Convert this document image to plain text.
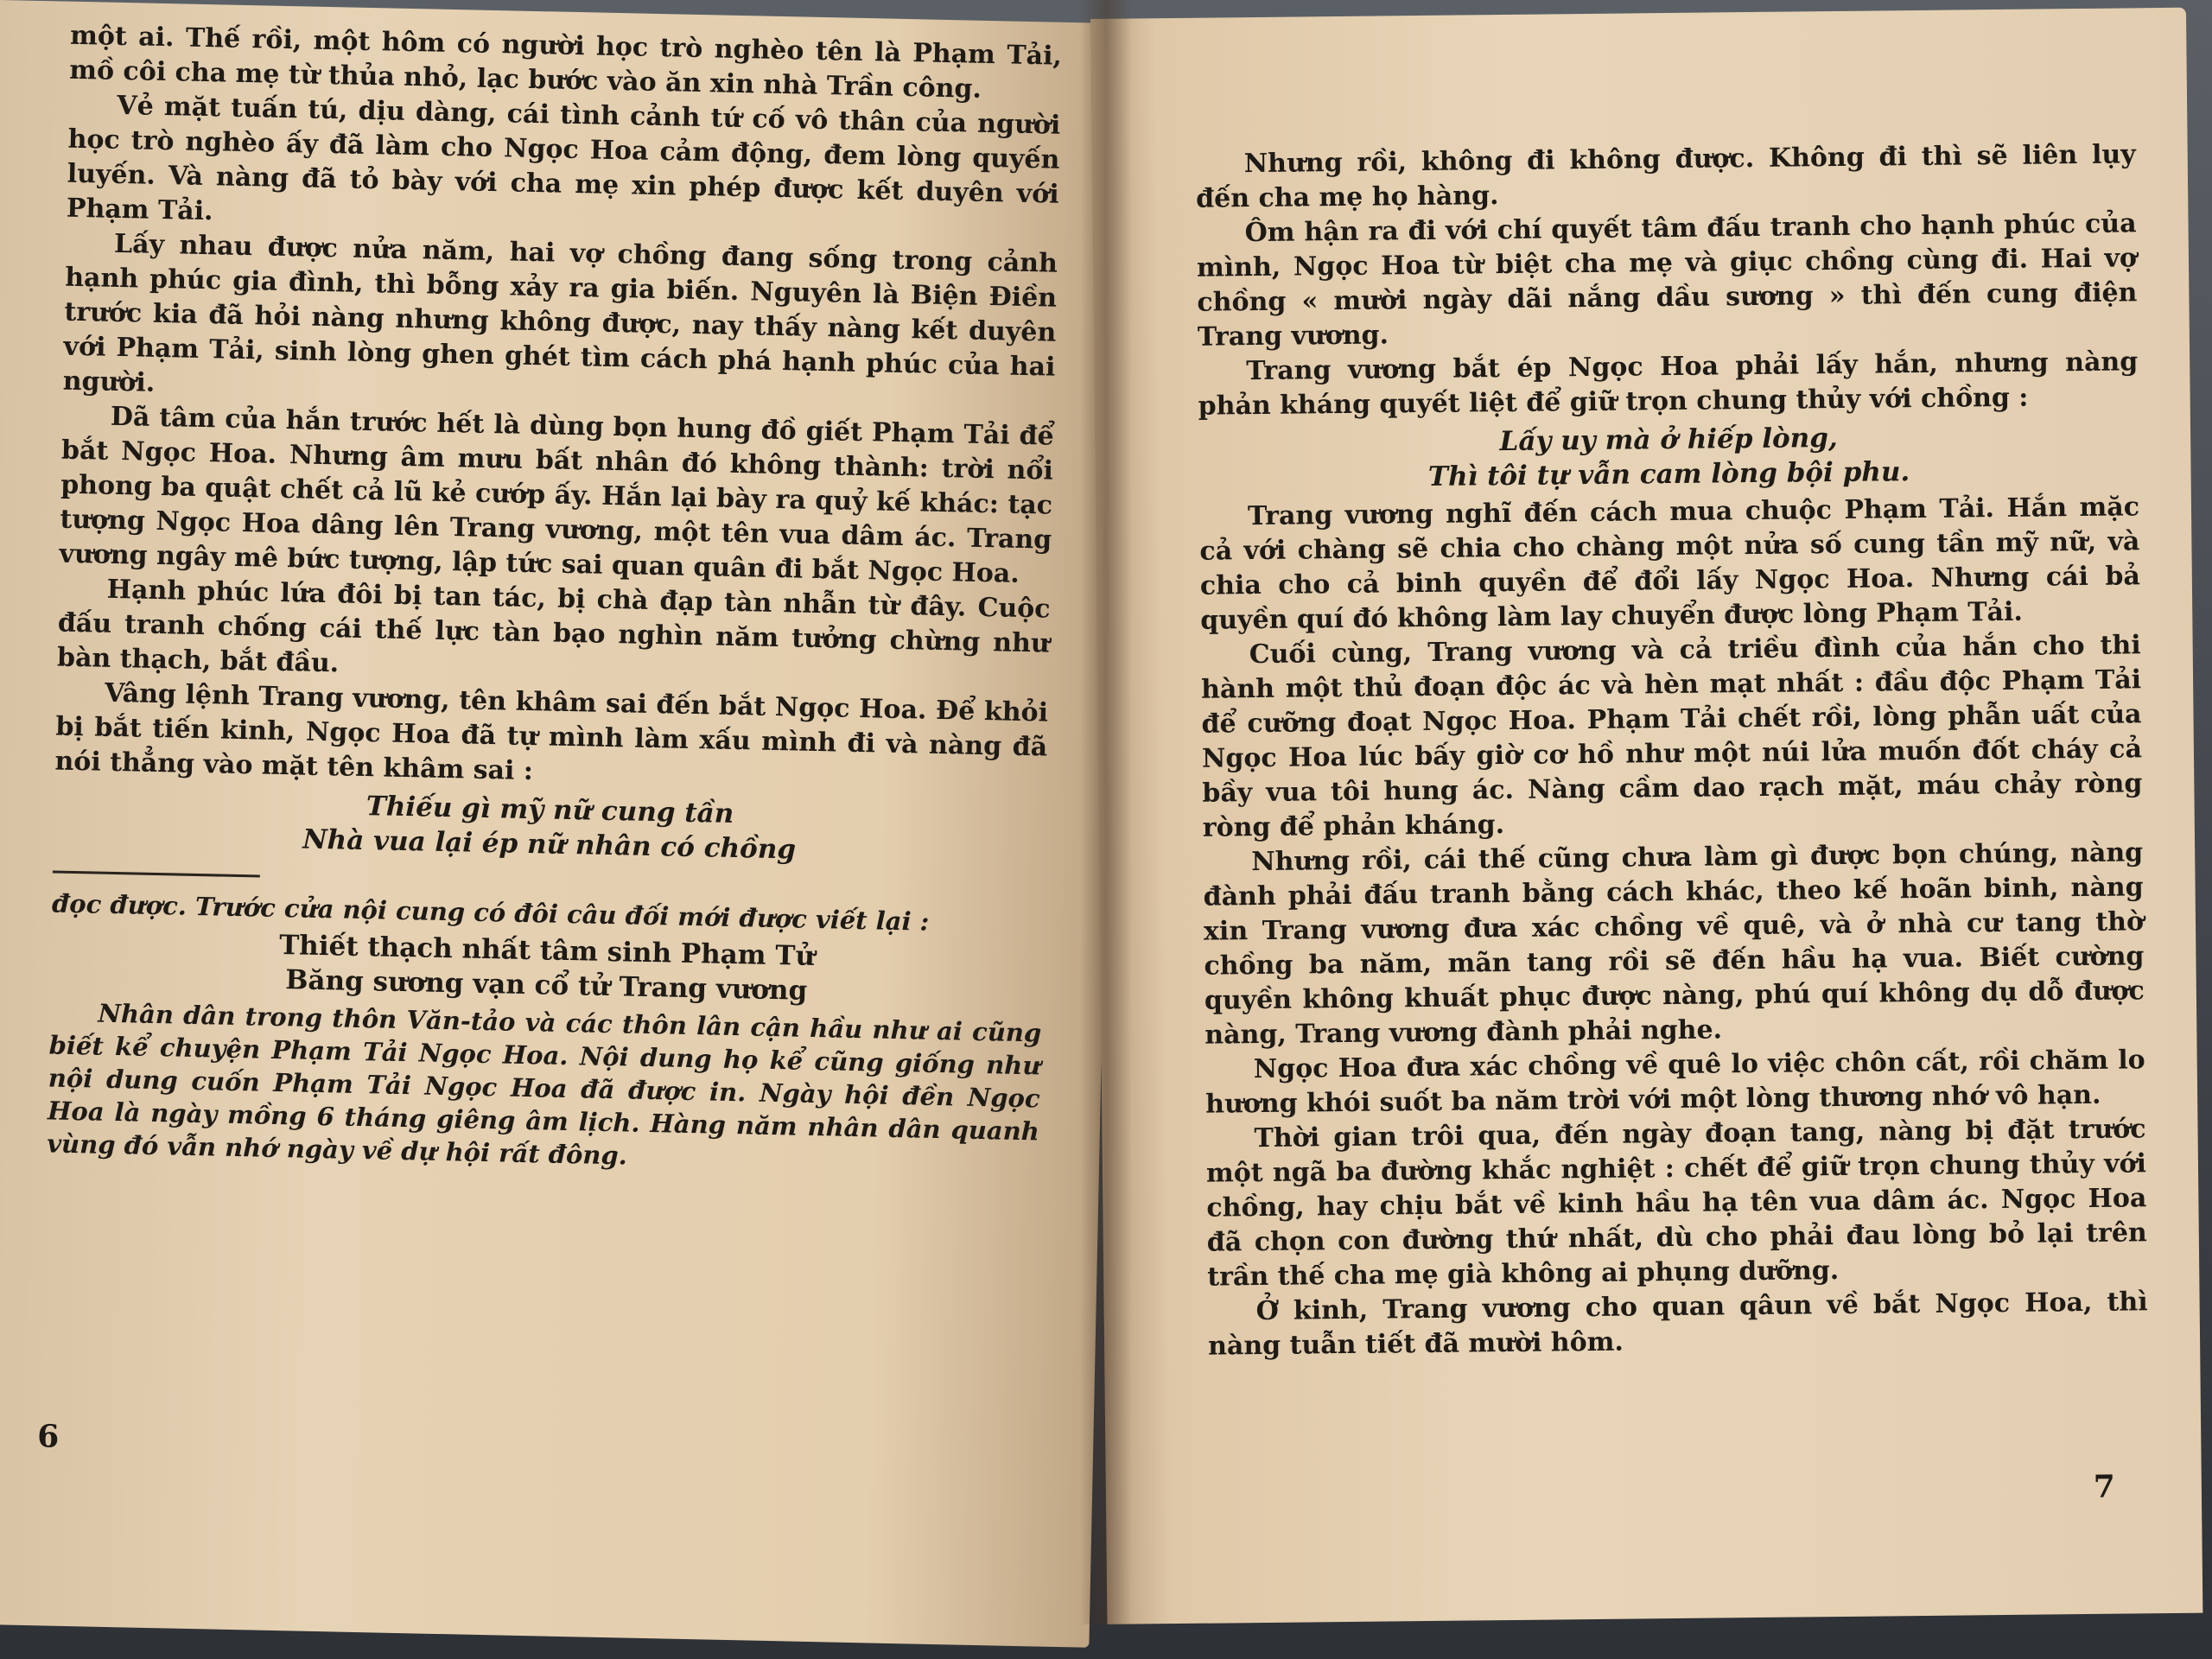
một ai. Thế rồi, một hôm có người học trò nghèo tên là Phạm Tải, mồ côi cha mẹ từ thủa nhỏ, lạc bước vào ăn xin nhà Trần công.

Vẻ mặt tuấn tú, dịu dàng, cái tình cảnh tứ cố vô thân của người học trò nghèo ấy đã làm cho Ngọc Hoa cảm động, đem lòng quyến luyến. Và nàng đã tỏ bày với cha mẹ xin phép được kết duyên với Phạm Tải.

Lấy nhau được nửa năm, hai vợ chồng đang sống trong cảnh hạnh phúc gia đình, thì bỗng xảy ra gia biến. Nguyên là Biện Điền trước kia đã hỏi nàng nhưng không được, nay thấy nàng kết duyên với Phạm Tải, sinh lòng ghen ghét tìm cách phá hạnh phúc của hai người.

Dã tâm của hắn trước hết là dùng bọn hung đồ giết Phạm Tải để bắt Ngọc Hoa. Nhưng âm mưu bất nhân đó không thành: trời nổi phong ba quật chết cả lũ kẻ cướp ấy. Hắn lại bày ra quỷ kế khác: tạc tượng Ngọc Hoa dâng lên Trang vương, một tên vua dâm ác. Trang vương ngây mê bức tượng, lập tức sai quan quân đi bắt Ngọc Hoa.

Hạnh phúc lứa đôi bị tan tác, bị chà đạp tàn nhẫn từ đây. Cuộc đấu tranh chống cái thế lực tàn bạo nghìn năm tưởng chừng như bàn thạch, bắt đầu.

Vâng lệnh Trang vương, tên khâm sai đến bắt Ngọc Hoa. Để khỏi bị bắt tiến kinh, Ngọc Hoa đã tự mình làm xấu mình đi và nàng đã nói thẳng vào mặt tên khâm sai :

Thiếu gì mỹ nữ cung tần
Nhà vua lại ép nữ nhân có chồng

đọc được. Trước cửa nội cung có đôi câu đối mới được viết lại :

Thiết thạch nhất tâm sinh Phạm Tử
Băng sương vạn cổ tử Trang vương

Nhân dân trong thôn Văn-tảo và các thôn lân cận hầu như ai cũng biết kể chuyện Phạm Tải Ngọc Hoa. Nội dung họ kể cũng giống như nội dung cuốn Phạm Tải Ngọc Hoa đã được in. Ngày hội đền Ngọc Hoa là ngày mồng 6 tháng giêng âm lịch. Hàng năm nhân dân quanh vùng đó vẫn nhớ ngày về dự hội rất đông.

6

Nhưng rồi, không đi không được. Không đi thì sẽ liên lụy đến cha mẹ họ hàng.

Ôm hận ra đi với chí quyết tâm đấu tranh cho hạnh phúc của mình, Ngọc Hoa từ biệt cha mẹ và giục chồng cùng đi. Hai vợ chồng « mười ngày dãi nắng dầu sương » thì đến cung điện Trang vương.

Trang vương bắt ép Ngọc Hoa phải lấy hắn, nhưng nàng phản kháng quyết liệt để giữ trọn chung thủy với chồng :

Lấy uy mà ở hiếp lòng,
Thì tôi tự vẫn cam lòng bội phu.

Trang vương nghĩ đến cách mua chuộc Phạm Tải. Hắn mặc cả với chàng sẽ chia cho chàng một nửa số cung tần mỹ nữ, và chia cho cả binh quyền để đổi lấy Ngọc Hoa. Nhưng cái bả quyền quí đó không làm lay chuyển được lòng Phạm Tải.

Cuối cùng, Trang vương và cả triều đình của hắn cho thi hành một thủ đoạn độc ác và hèn mạt nhất : đầu độc Phạm Tải để cưỡng đoạt Ngọc Hoa. Phạm Tải chết rồi, lòng phẫn uất của Ngọc Hoa lúc bấy giờ cơ hồ như một núi lửa muốn đốt cháy cả bầy vua tôi hung ác. Nàng cầm dao rạch mặt, máu chảy ròng ròng để phản kháng.

Nhưng rồi, cái thế cũng chưa làm gì được bọn chúng, nàng đành phải đấu tranh bằng cách khác, theo kế hoãn binh, nàng xin Trang vương đưa xác chồng về quê, và ở nhà cư tang thờ chồng ba năm, mãn tang rồi sẽ đến hầu hạ vua. Biết cường quyền không khuất phục được nàng, phú quí không dụ dỗ được nàng, Trang vương đành phải nghe.

Ngọc Hoa đưa xác chồng về quê lo việc chôn cất, rồi chăm lo hương khói suốt ba năm trời với một lòng thương nhớ vô hạn.

Thời gian trôi qua, đến ngày đoạn tang, nàng bị đặt trước một ngã ba đường khắc nghiệt : chết để giữ trọn chung thủy với chồng, hay chịu bắt về kinh hầu hạ tên vua dâm ác. Ngọc Hoa đã chọn con đường thứ nhất, dù cho phải đau lòng bỏ lại trên trần thế cha mẹ già không ai phụng dưỡng.

Ở kinh, Trang vương cho quan qâun về bắt Ngọc Hoa, thì nàng tuẫn tiết đã mười hôm.

7
